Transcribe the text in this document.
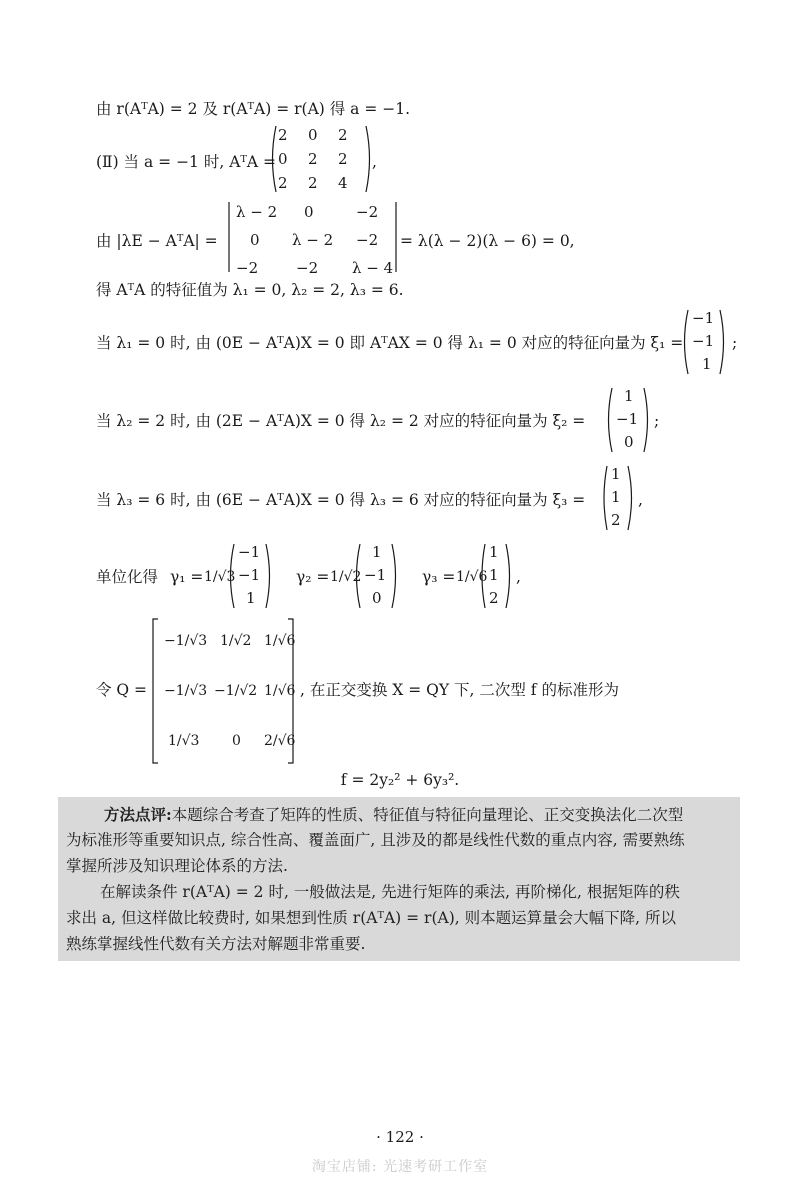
由 r(AᵀA) = 2 及 r(AᵀA) = r(A) 得 a = −1.
(Ⅱ) 当 a = −1 时, AᵀA =
2 0 2
0 2 2
2 2 4
,
由 |λE − AᵀA| =
λ − 2 0	−2
0 λ − 2 −2
−2	−2 λ − 4
= λ(λ − 2)(λ − 6) = 0,
得 AᵀA 的特征值为 λ₁ = 0, λ₂ = 2, λ₃ = 6.
当 λ₁ = 0 时, 由 (0E − AᵀA)X = 0 即 AᵀAX = 0 得 λ₁ = 0 对应的特征向量为 ξ₁ =
−1
−1
1
;
当 λ₂ = 2 时, 由 (2E − AᵀA)X = 0 得 λ₂ = 2 对应的特征向量为 ξ₂ =
1
−1
0
;
当 λ₃ = 6 时, 由 (6E − AᵀA)X = 0 得 λ₃ = 6 对应的特征向量为 ξ₃ =
1
1
2
,
单位化得 γ₁ = 1/√3
−1
−1
1
γ₂ = 1/√2
1
−1
0
γ₃ = 1/√6
1
1
2
,
令 Q =
−1/√3 1/√2 1/√6
−1/√3 −1/√2 1/√6
1/√3 0 2/√6
, 在正交变换 X = QY 下, 二次型 f 的标准形为
f = 2y₂² + 6y₃².
方法点评:本题综合考查了矩阵的性质、特征值与特征向量理论、正交变换法化二次型
为标准形等重要知识点, 综合性高、覆盖面广, 且涉及的都是线性代数的重点内容, 需要熟练
掌握所涉及知识理论体系的方法.
在解读条件 r(AᵀA) = 2 时, 一般做法是, 先进行矩阵的乘法, 再阶梯化, 根据矩阵的秩
求出 a, 但这样做比较费时, 如果想到性质 r(AᵀA) = r(A), 则本题运算量会大幅下降, 所以
熟练掌握线性代数有关方法对解题非常重要.
· 122 ·
淘宝店铺: 光速考研工作室
